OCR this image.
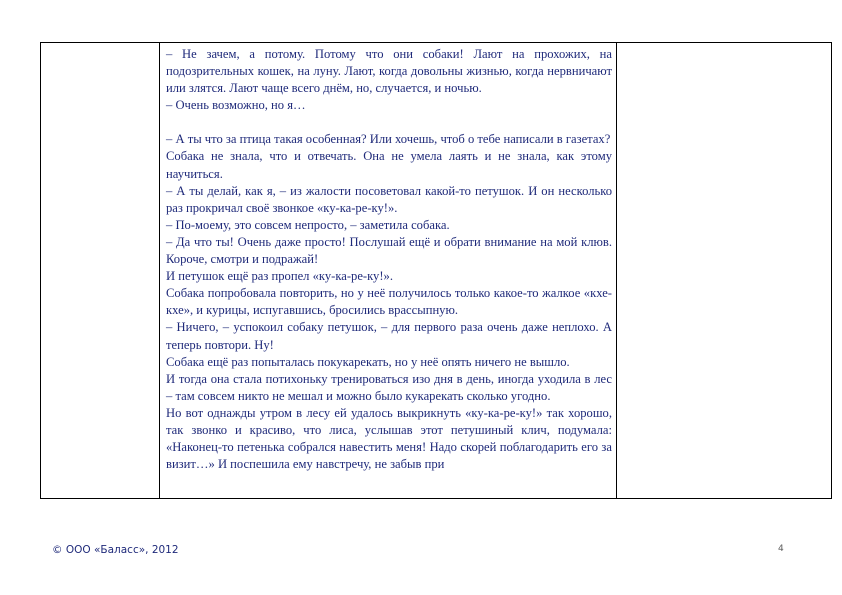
– Не зачем, а потому. Потому что они собаки! Лают на прохожих, на подозрительных кошек, на луну. Лают, когда довольны жизнью, когда нервничают или злятся. Лают чаще всего днём, но, случается, и ночью.

– Очень возможно, но я…

– А ты что за птица такая особенная? Или хочешь, чтоб о тебе написали в газетах?

Собака не знала, что и отвечать. Она не умела лаять и не знала, как этому научиться.

– А ты делай, как я, – из жалости посоветовал какой-то петушок. И он несколько раз прокричал своё звонкое «ку-ка-ре-ку!».

– По-моему, это совсем непросто, – заметила собака.

– Да что ты! Очень даже просто! Послушай ещё и обрати внимание на мой клюв. Короче, смотри и подражай!

И петушок ещё раз пропел «ку-ка-ре-ку!».

Собака попробовала повторить, но у неё получилось только какое-то жалкое «кхе-кхе», и курицы, испугавшись, бросились врассыпную.

– Ничего, – успокоил собаку петушок, – для первого раза очень даже неплохо. А теперь повтори. Ну!

Собака ещё раз попыталась покукарекать, но у неё опять ничего не вышло.

И тогда она стала потихоньку тренироваться изо дня в день, иногда уходила в лес – там совсем никто не мешал и можно было кукарекать сколько угодно.

Но вот однажды утром в лесу ей удалось выкрикнуть «ку-ка-ре-ку!» так хорошо, так звонко и красиво, что лиса, услышав этот петушиный клич, подумала: «Наконец-то петенька собрался навестить меня! Надо скорей поблагодарить его за визит…» И поспешила ему навстречу, не забыв при

© ООО «Баласс», 2012	4
